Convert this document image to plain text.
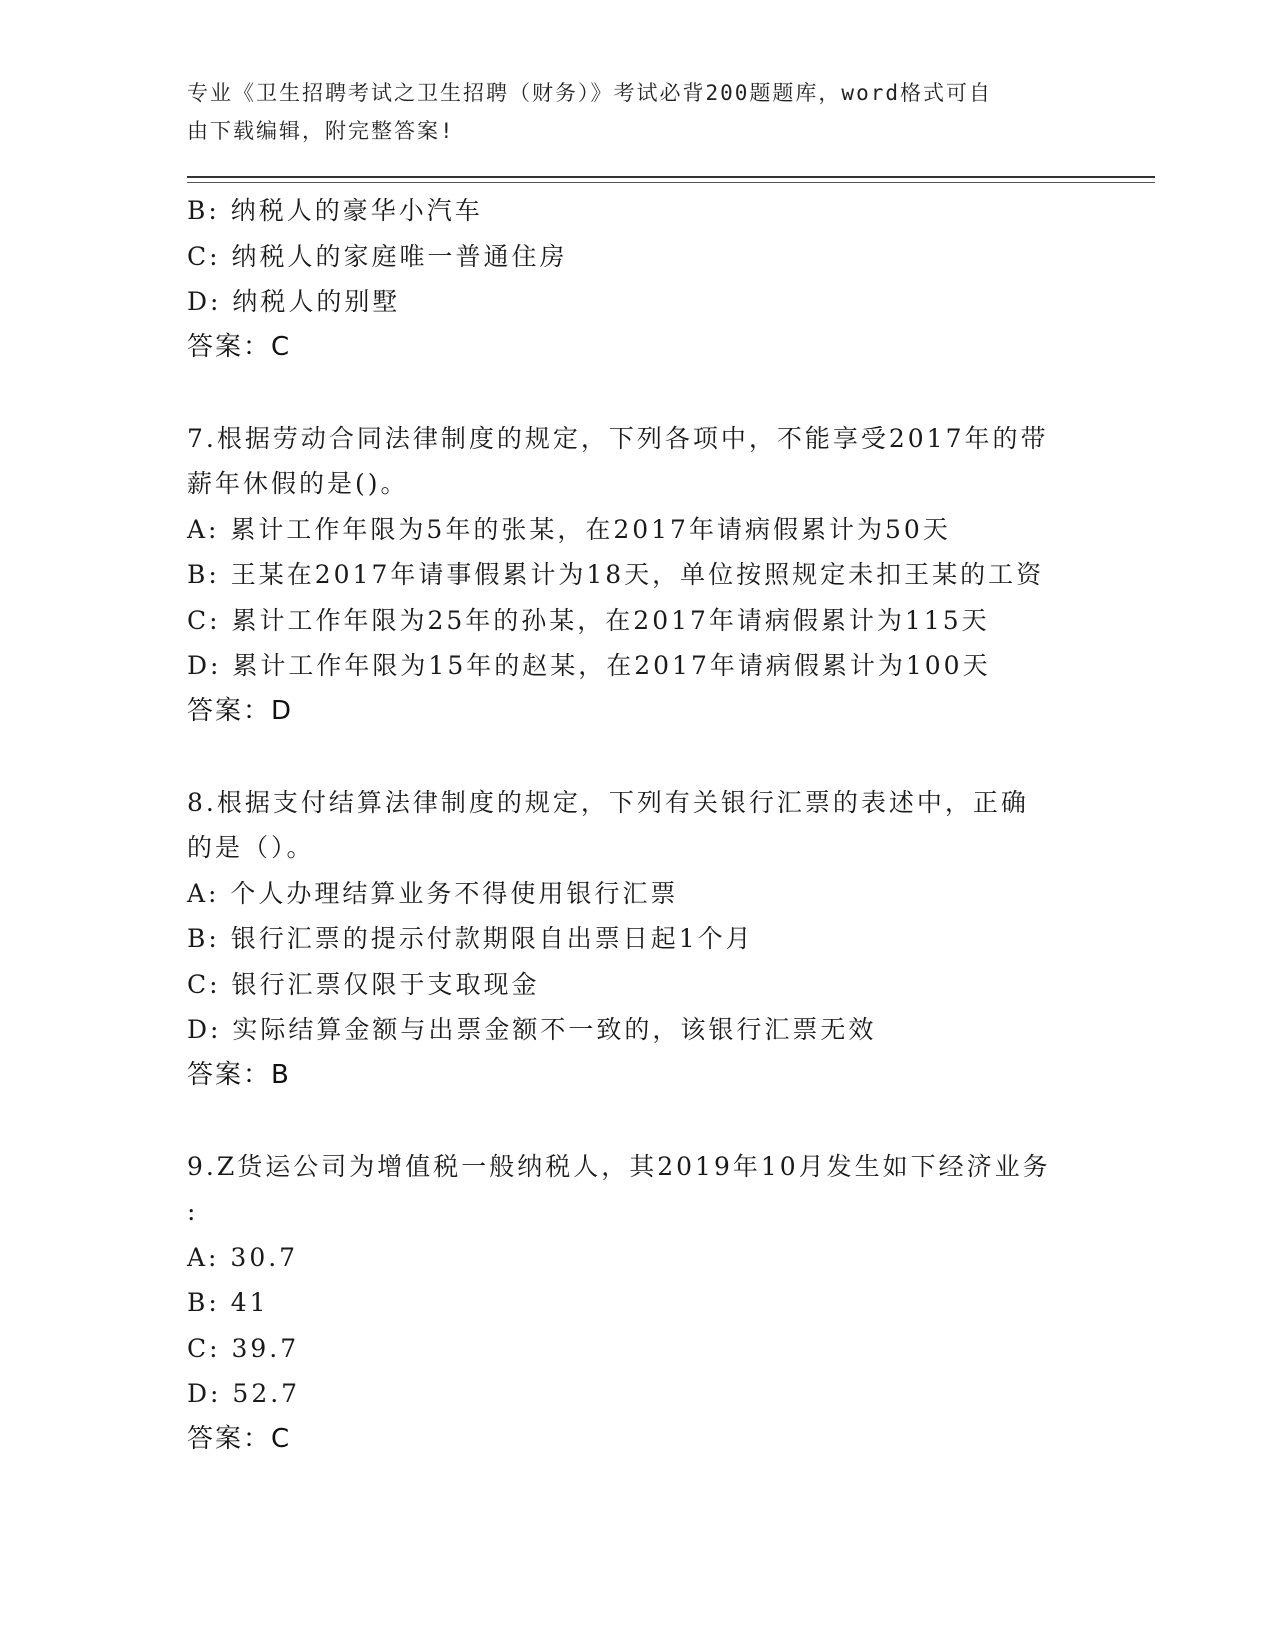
专业《卫生招聘考试之卫生招聘（财务）》考试必背200题题库，word格式可自
由下载编辑，附完整答案!
B: 纳税人的豪华小汽车
C: 纳税人的家庭唯一普通住房
D: 纳税人的别墅
答案：C
7.根据劳动合同法律制度的规定，下列各项中，不能享受2017年的带
薪年休假的是()。
A: 累计工作年限为5年的张某，在2017年请病假累计为50天
B: 王某在2017年请事假累计为18天，单位按照规定未扣王某的工资
C: 累计工作年限为25年的孙某，在2017年请病假累计为115天
D: 累计工作年限为15年的赵某，在2017年请病假累计为100天
答案：D
8.根据支付结算法律制度的规定，下列有关银行汇票的表述中，正确
的是（）。
A: 个人办理结算业务不得使用银行汇票
B: 银行汇票的提示付款期限自出票日起1个月
C: 银行汇票仅限于支取现金
D: 实际结算金额与出票金额不一致的，该银行汇票无效
答案：B
9.Z货运公司为增值税一般纳税人，其2019年10月发生如下经济业务
:
A: 30.7
B: 41
C: 39.7
D: 52.7
答案：C
